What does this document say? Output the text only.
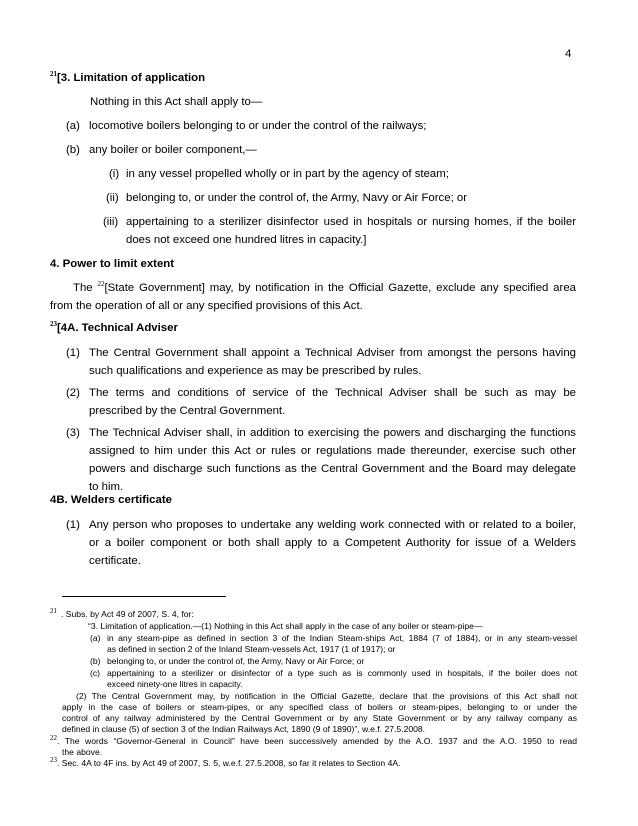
4
$^{21}$[3. Limitation of application
Nothing in this Act shall apply to—
(a) locomotive boilers belonging to or under the control of the railways;
(b) any boiler or boiler component,—
(i) in any vessel propelled wholly or in part by the agency of steam;
(ii) belonging to, or under the control of, the Army, Navy or Air Force; or
(iii) appertaining to a sterilizer disinfector used in hospitals or nursing homes, if the boiler
does not exceed one hundred litres in capacity.]
4. Power to limit extent
The $^{22}$[State Government] may, by notification in the Official Gazette, exclude any specified area
from the operation of all or any specified provisions of this Act.
$^{23}$[4A. Technical Adviser
(1) The Central Government shall appoint a Technical Adviser from amongst the persons having
such qualifications and experience as may be prescribed by rules.
(2) The terms and conditions of service of the Technical Adviser shall be such as may be
prescribed by the Central Government.
(3) The Technical Adviser shall, in addition to exercising the powers and discharging the functions
assigned to him under this Act or rules or regulations made thereunder, exercise such other
powers and discharge such functions as the Central Government and the Board may delegate
to him.
4B. Welders certificate
(1) Any person who proposes to undertake any welding work connected with or related to a boiler,
or a boiler component or both shall apply to a Competent Authority for issue of a Welders
certificate.
$^{21}$ . Subs. by Act 49 of 2007, S. 4, for:
“3. Limitation of application.—(1) Nothing in this Act shall apply in the case of any boiler or steam-pipe—
(a) in any steam-pipe as defined in section 3 of the Indian Steam-ships Act, 1884 (7 of 1884), or in any steam-vessel
as defined in section 2 of the Inland Steam-vessels Act, 1917 (1 of 1917); or
(b) belonging to, or under the control of, the Army, Navy or Air Force; or
(c) appertaining to a sterilizer or disinfector of a type such as is commonly used in hospitals, if the boiler does not
exceed ninety-one litres in capacity.
(2) The Central Government may, by notification in the Official Gazette, declare that the provisions of this Act shall not
apply in the case of boilers or steam-pipes, or any specified class of boilers or steam-pipes, belonging to or under the
control of any railway administered by the Central Government or by any State Government or by any railway company as
defined in clause (5) of section 3 of the Indian Railways Act, 1890 (9 of 1890)”, w.e.f. 27.5.2008.
$^{22}$. The words “Governor-General in Council” have been successively amended by the A.O. 1937 and the A.O. 1950 to read
the above.
$^{23}$. Sec. 4A to 4F ins. by Act 49 of 2007, S. 5, w.e.f. 27.5.2008, so far it relates to Section 4A.
